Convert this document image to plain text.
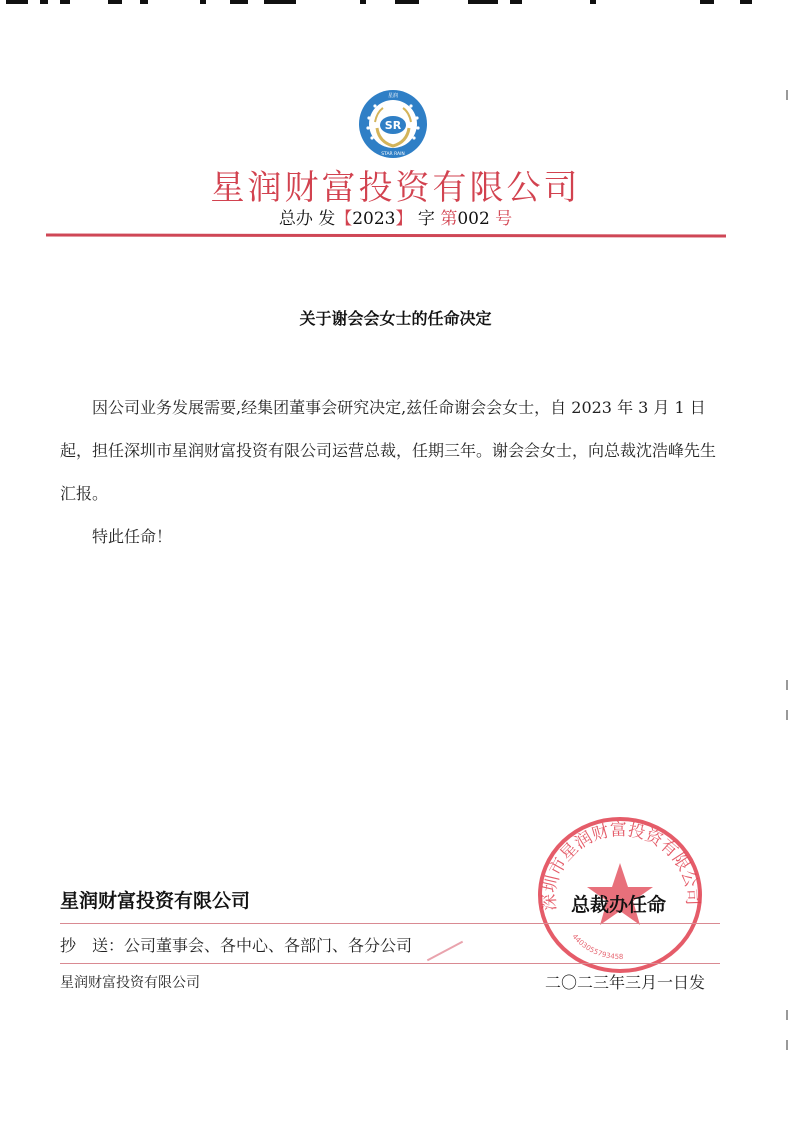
SR
星润
STAR RAIN
星润财富投资有限公司
总办 发【2023】 字 第002 号
关于谢会会女士的任命决定

因公司业务发展需要,经集团董事会研究决定,兹任命谢会会女士，自 2023 年 3 月 1 日起，担任深圳市星润财富投资有限公司运营总裁，任期三年。谢会会女士，向总裁沈浩峰先生汇报。

特此任命！

深圳市星润财富投资有限公司
4403055793458
星润财富投资有限公司	总裁办任命
抄　送：公司董事会、各中心、各部门、各分公司
星润财富投资有限公司	二〇二三年三月一日发
